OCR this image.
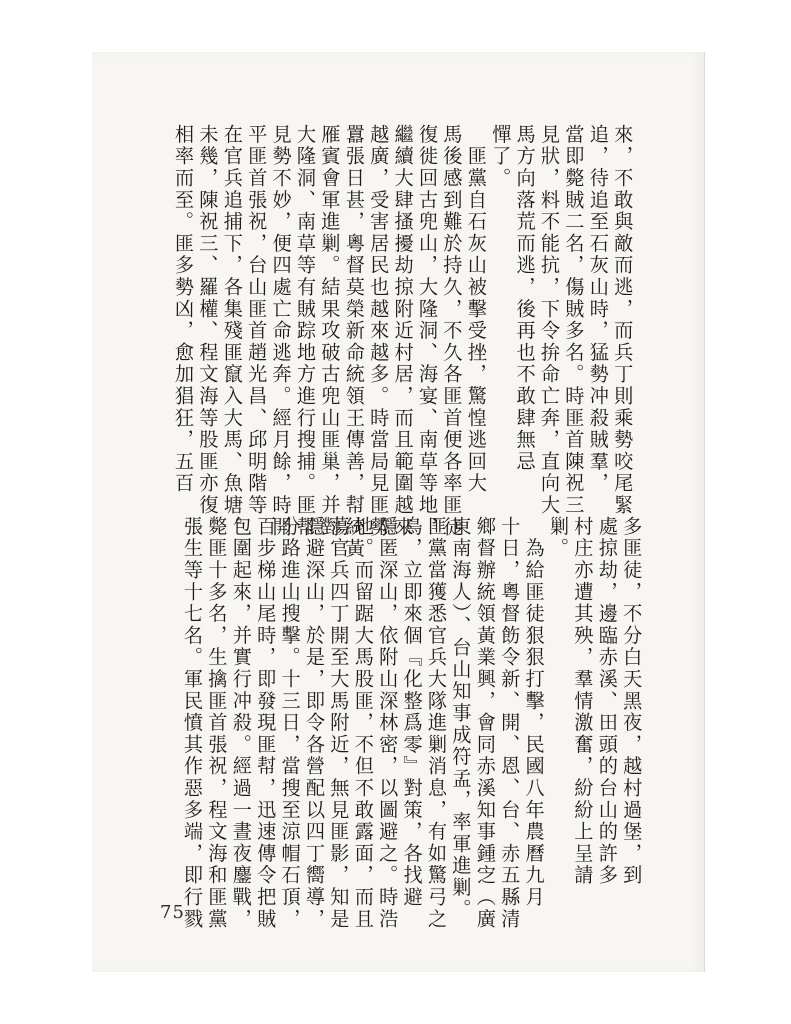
來，不敢與敵而逃，而兵丁則乘勢咬尾緊
追，待追至石灰山時，猛勢冲殺賊羣，
當即斃賊二名，傷賊多名。時匪首陳祝三
見狀，料不能抗，下令拚命亡奔，直向大
馬方向落荒而逃，後再也不敢肆無忌
憚了。
　匪黨自石灰山被擊受挫，驚惶逃回大
馬後感到難於持久，不久各匪首便各率匪徒
復徙回古兜山，大隆洞、海宴、南草等地，
繼續大肆搔擾劫掠附近村居，而且範圍越來
越廣，受害居民也越來越多。時當局見匪勢
囂張日甚，粵督莫榮新命統領王傳善，幇統黃
雁賓會軍進剿。結果攻破古兜山匪巢，并對
大隆洞、南草等有賊踪地方進行搜捕。匪幇
見勢不妙，便四處亡命逃奔。經月餘，時開
平匪首張祝，台山匪首趙光昌、邱明階等
在官兵追捕下，各集殘匪竄入大馬、魚塘。
未幾，陳祝三、羅權、程文海等股匪亦復
相率而至。匪多勢凶，愈加猖狂，五百
多匪徒，不分白天黑夜，越村過堡，到
處掠劫，邊臨赤溪、田頭的台山的許多
村庄亦遭其殃，羣情激奮，紛紛上呈請
剿。
　為給匪徒狠狠打擊，民國八年農曆九月
十日，粵督飭令新、開、恩、台、赤五縣清
鄉督辦統領黃業興，會同赤溪知事鍾㝎（廣
東南海人）、台山知事成符孟，率軍進剿。
匪黨當獲悉官兵大隊進剿消息，有如驚弓之
鳥，立即來個『化整爲零』對策，各找避
隱匿深山，依附山深林密，以圖避之。時浩
地。而留踞大馬股匪，不但不敢露面，而且
蕩官兵四丁開至大馬附近，無見匪影，知是
隱避深山，於是，即令各營配以四丁嚮導，
分路進山搜擊。十三日，當搜至涼帽石頂，
百步梯山尾時，即發現匪幇，迅速傳令把賊
包圍起來，并實行冲殺。經過一晝夜鏖戰，
斃匪十多名，生擒匪首張祝，程文海和匪黨
張生等十七名。軍民憤其作惡多端，即行戮
75
